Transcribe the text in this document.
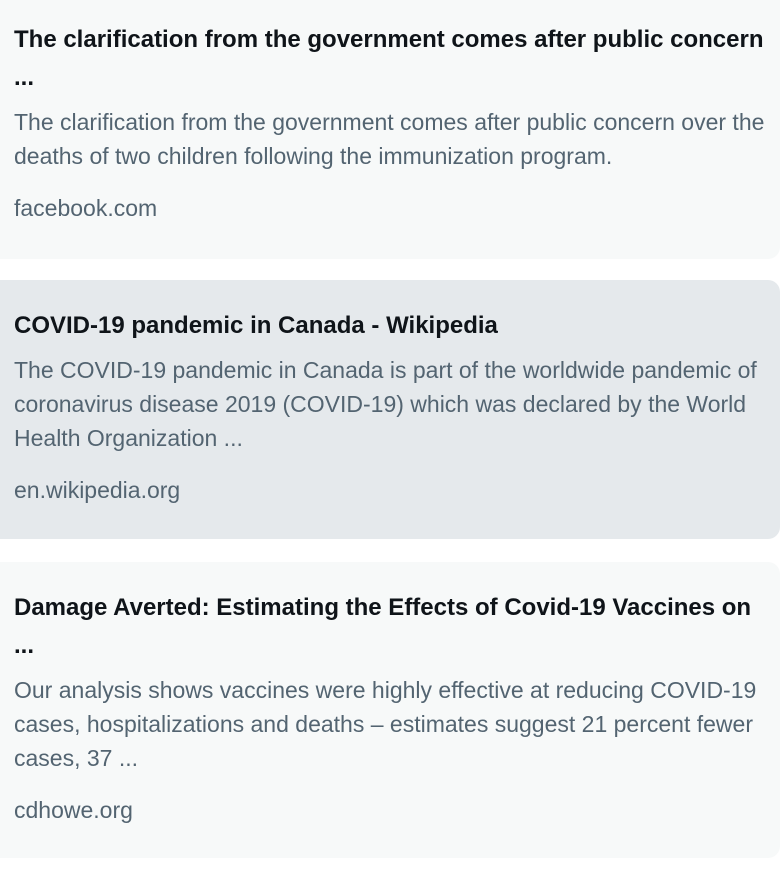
The clarification from the government comes after public concern ...
The clarification from the government comes after public concern over the deaths of two children following the immunization program.
facebook.com
COVID-19 pandemic in Canada - Wikipedia
The COVID-19 pandemic in Canada is part of the worldwide pandemic of coronavirus disease 2019 (COVID-19) which was declared by the World Health Organization ...
en.wikipedia.org
Damage Averted: Estimating the Effects of Covid-19 Vaccines on ...
Our analysis shows vaccines were highly effective at reducing COVID-19 cases, hospitalizations and deaths – estimates suggest 21 percent fewer cases, 37 ...
cdhowe.org
